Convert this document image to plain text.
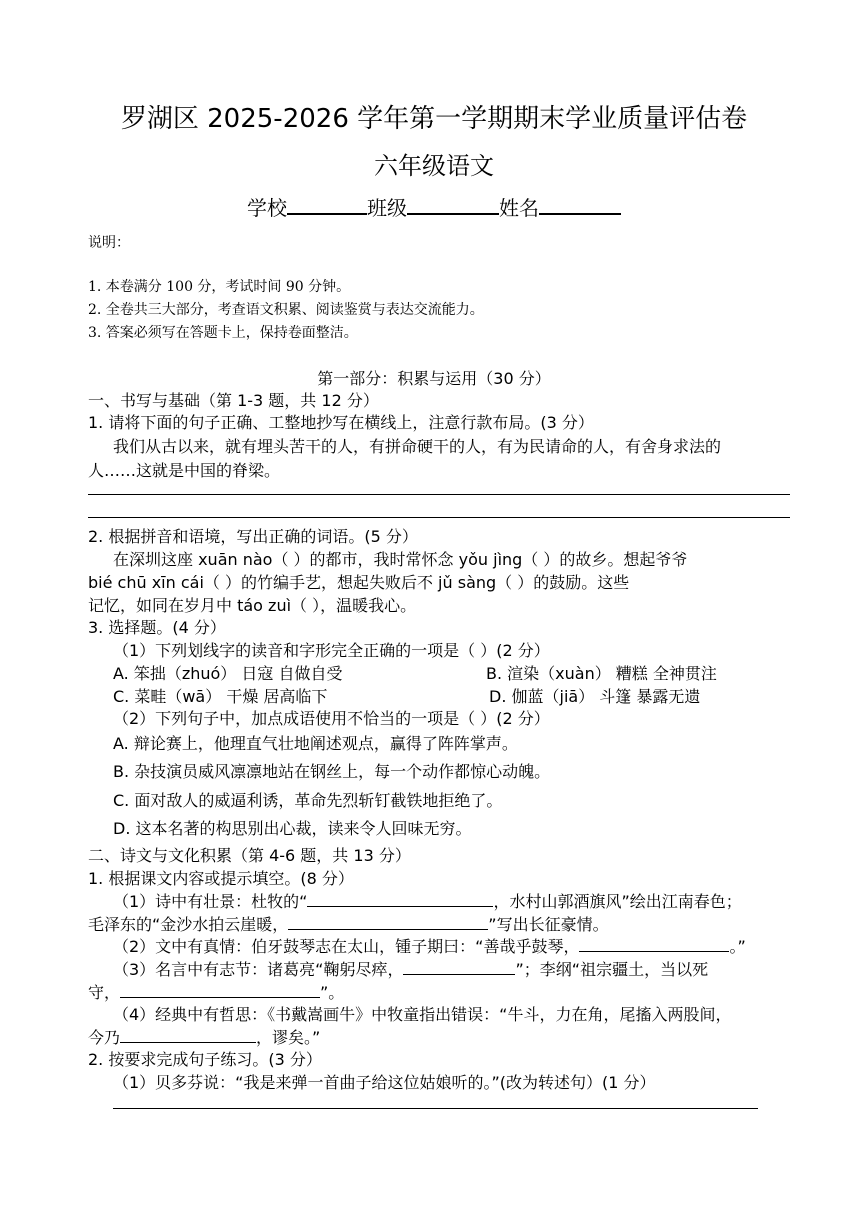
罗湖区 2025-2026 学年第一学期期末学业质量评估卷
六年级语文
学校	班级	姓名
说明：
1. 本卷满分 100 分，考试时间 90 分钟。
2. 全卷共三大部分，考查语文积累、阅读鉴赏与表达交流能力。
3. 答案必须写在答题卡上，保持卷面整洁。
第一部分：积累与运用（30 分）
一、书写与基础（第 1-3 题，共 12 分）
1. 请将下面的句子正确、工整地抄写在横线上，注意行款布局。(3 分）
我们从古以来，就有埋头苦干的人，有拼命硬干的人，有为民请命的人，有舍身求法的
人……这就是中国的脊梁。
2. 根据拼音和语境，写出正确的词语。(5 分）
在深圳这座 xuān nào（ ）的都市，我时常怀念 yǒu jìng（ ）的故乡。想起爷爷
bié chū xīn cái（ ）的竹编手艺，想起失败后不 jǔ sàng（ ）的鼓励。这些
记忆，如同在岁月中 táo zuì（ ），温暖我心。
3. 选择题。(4 分）
（1）下列划线字的读音和字形完全正确的一项是（ ）(2 分）
A. 笨拙（zhuó） 日寇 自做自受	B. 渲染（xuàn） 糟糕 全神贯注
C. 菜畦（wā） 干燥 居高临下	D. 伽蓝（jiā） 斗篷 暴露无遗
（2）下列句子中，加点成语使用不恰当的一项是（ ）(2 分）
A. 辩论赛上，他理直气壮地阐述观点，赢得了阵阵掌声。
B. 杂技演员威风凛凛地站在钢丝上，每一个动作都惊心动魄。
C. 面对敌人的威逼利诱，革命先烈斩钉截铁地拒绝了。
D. 这本名著的构思别出心裁，读来令人回味无穷。
二、诗文与文化积累（第 4-6 题，共 13 分）
1. 根据课文内容或提示填空。(8 分）
（1）诗中有壮景：杜牧的“	，水村山郭酒旗风”绘出江南春色；
毛泽东的“金沙水拍云崖暖，	”写出长征豪情。
（2）文中有真情：伯牙鼓琴志在太山，锺子期曰：“善哉乎鼓琴，	。”
（3）名言中有志节：诸葛亮“鞠躬尽瘁，	”；李纲“祖宗疆土，当以死
守，	”。
（4）经典中有哲思：《书戴嵩画牛》中牧童指出错误：“牛斗，力在角，尾搐入两股间，
今乃	，谬矣。”
2. 按要求完成句子练习。(3 分）
（1）贝多芬说：“我是来弹一首曲子给这位姑娘听的。”(改为转述句）(1 分）
